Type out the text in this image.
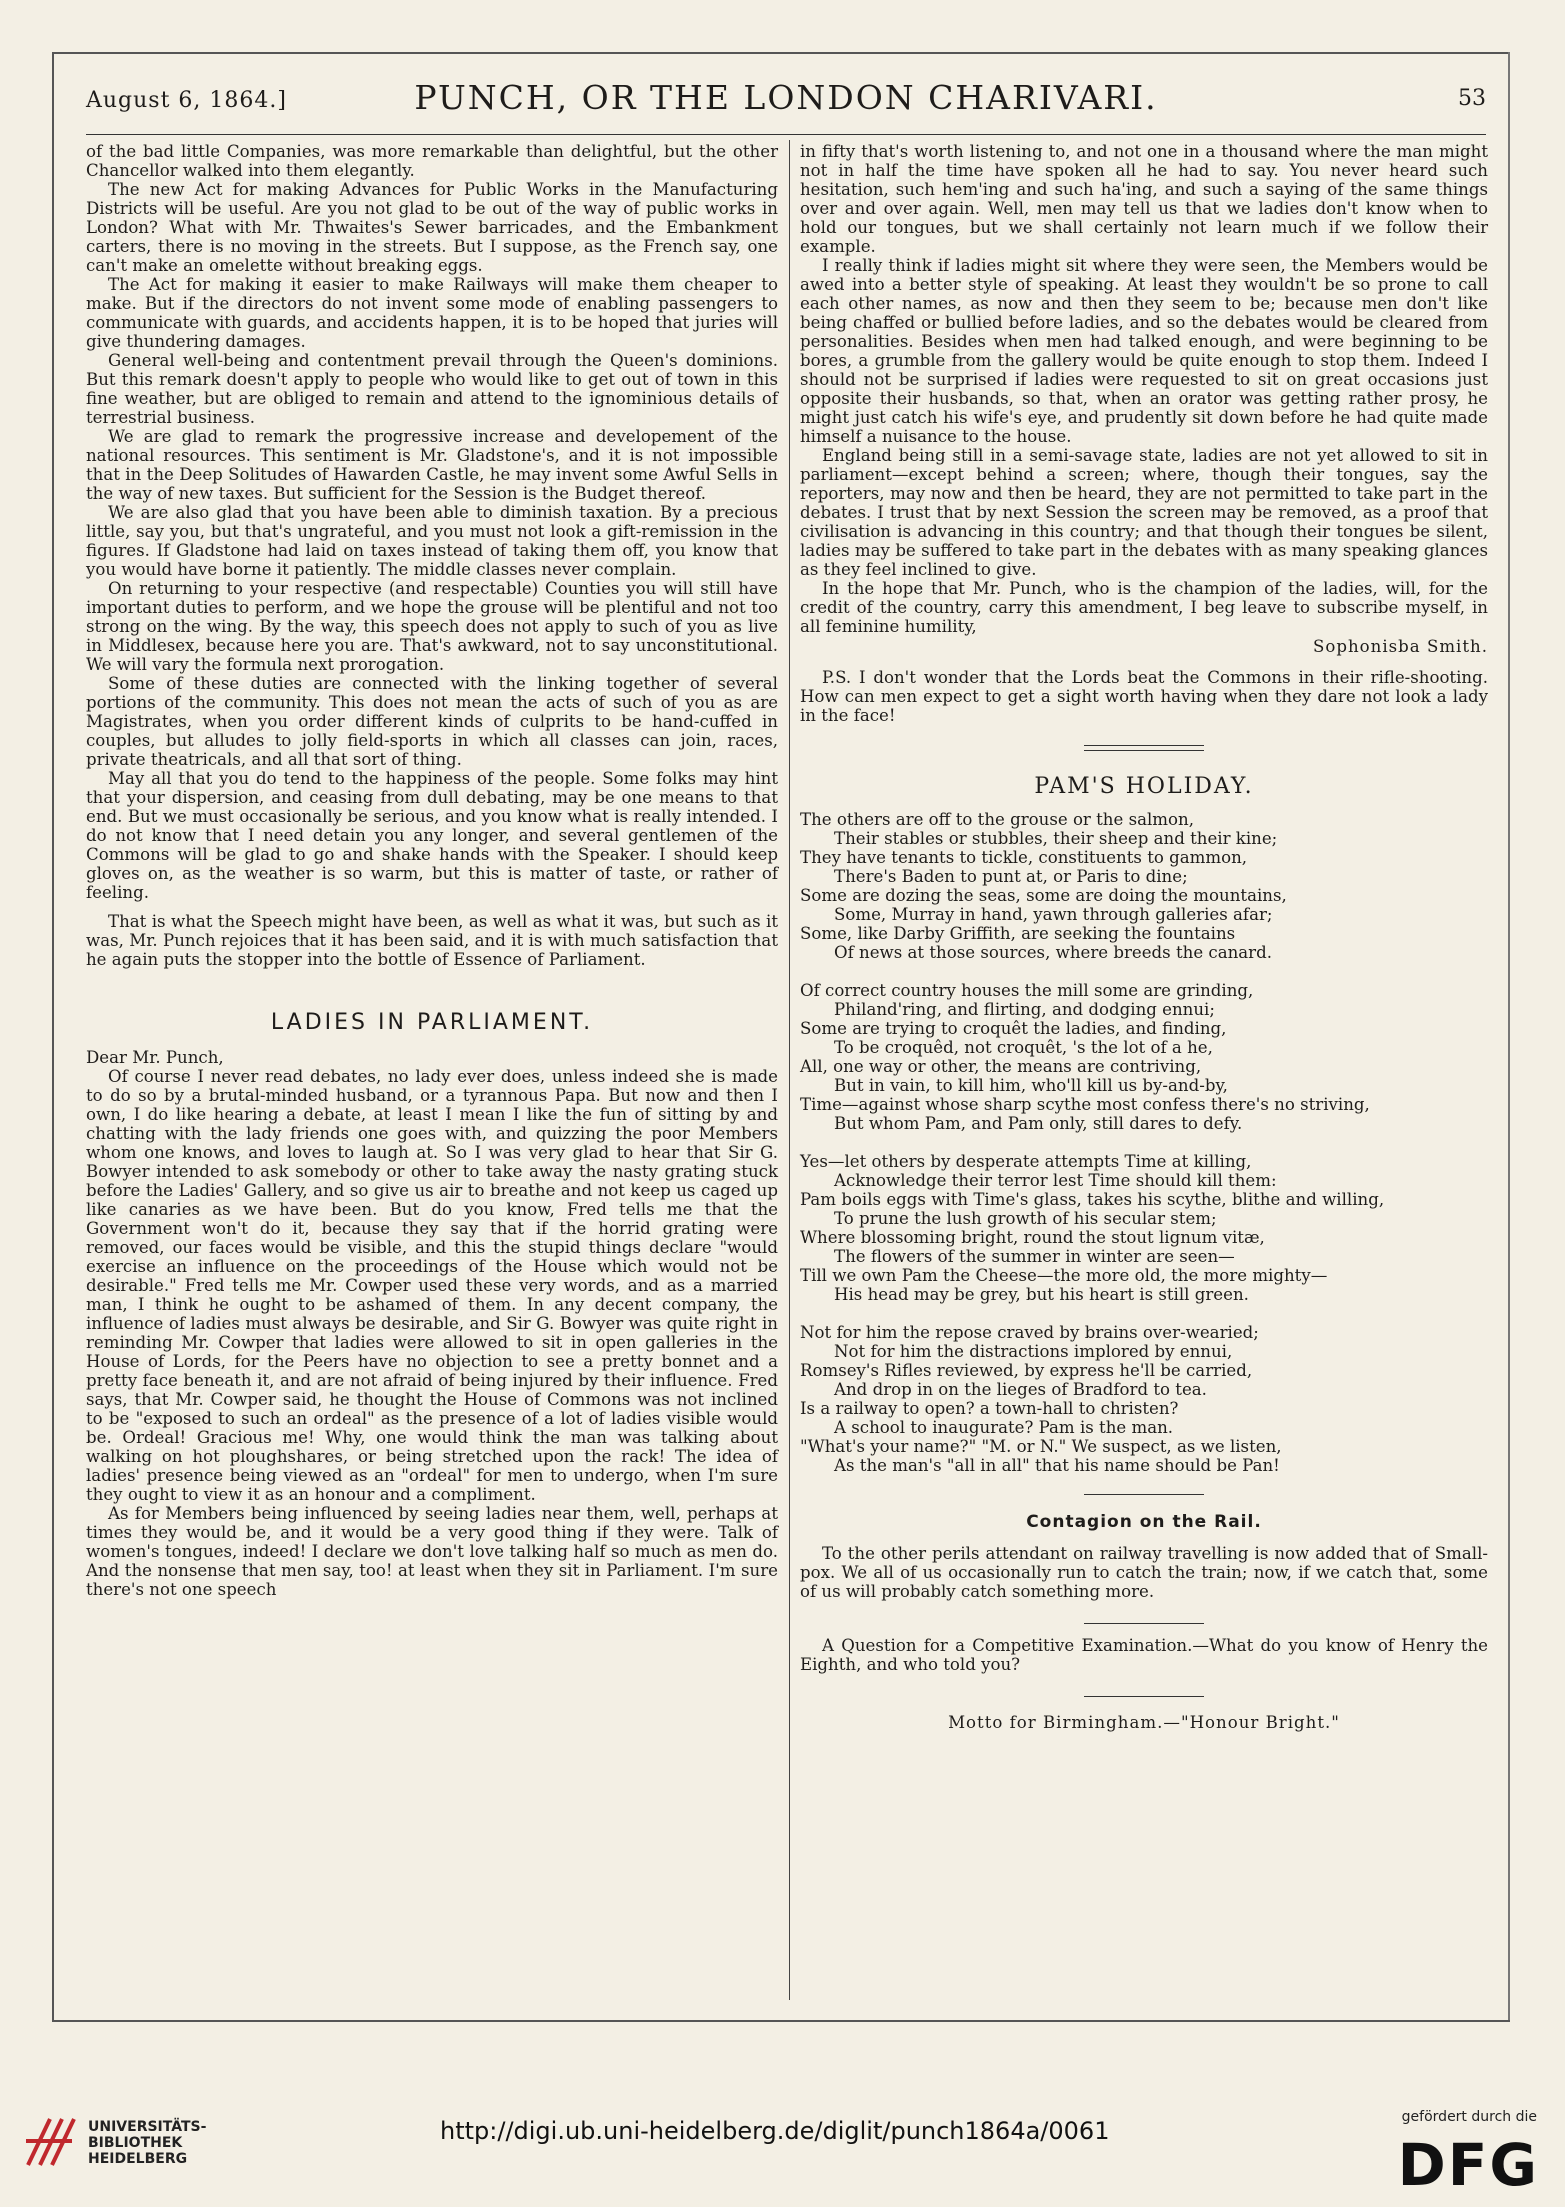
August 6, 1864.]	PUNCH, OR THE LONDON CHARIVARI.	53

of the bad little Companies, was more remarkable than delightful, but the other Chancellor walked into them elegantly.

The new Act for making Advances for Public Works in the Manufacturing Districts will be useful. Are you not glad to be out of the way of public works in London? What with Mr. Thwaites's Sewer barricades, and the Embankment carters, there is no moving in the streets. But I suppose, as the French say, one can't make an omelette without breaking eggs.

The Act for making it easier to make Railways will make them cheaper to make. But if the directors do not invent some mode of enabling passengers to communicate with guards, and accidents happen, it is to be hoped that juries will give thundering damages.

General well-being and contentment prevail through the Queen's dominions. But this remark doesn't apply to people who would like to get out of town in this fine weather, but are obliged to remain and attend to the ignominious details of terrestrial business.

We are glad to remark the progressive increase and developement of the national resources. This sentiment is Mr. Gladstone's, and it is not impossible that in the Deep Solitudes of Hawarden Castle, he may invent some Awful Sells in the way of new taxes. But sufficient for the Session is the Budget thereof.

We are also glad that you have been able to diminish taxation. By a precious little, say you, but that's ungrateful, and you must not look a gift-remission in the figures. If Gladstone had laid on taxes instead of taking them off, you know that you would have borne it patiently. The middle classes never complain.

On returning to your respective (and respectable) Counties you will still have important duties to perform, and we hope the grouse will be plentiful and not too strong on the wing. By the way, this speech does not apply to such of you as live in Middlesex, because here you are. That's awkward, not to say unconstitutional. We will vary the formula next prorogation.

Some of these duties are connected with the linking together of several portions of the community. This does not mean the acts of such of you as are Magistrates, when you order different kinds of culprits to be hand-cuffed in couples, but alludes to jolly field-sports in which all classes can join, races, private theatricals, and all that sort of thing.

May all that you do tend to the happiness of the people. Some folks may hint that your dispersion, and ceasing from dull debating, may be one means to that end. But we must occasionally be serious, and you know what is really intended. I do not know that I need detain you any longer, and several gentlemen of the Commons will be glad to go and shake hands with the Speaker. I should keep gloves on, as the weather is so warm, but this is matter of taste, or rather of feeling.

That is what the Speech might have been, as well as what it was, but such as it was, Mr. Punch rejoices that it has been said, and it is with much satisfaction that he again puts the stopper into the bottle of Essence of Parliament.

LADIES IN PARLIAMENT.

Dear Mr. Punch,

Of course I never read debates, no lady ever does, unless indeed she is made to do so by a brutal-minded husband, or a tyrannous Papa. But now and then I own, I do like hearing a debate, at least I mean I like the fun of sitting by and chatting with the lady friends one goes with, and quizzing the poor Members whom one knows, and loves to laugh at. So I was very glad to hear that Sir G. Bowyer intended to ask somebody or other to take away the nasty grating stuck before the Ladies' Gallery, and so give us air to breathe and not keep us caged up like canaries as we have been. But do you know, Fred tells me that the Government won't do it, because they say that if the horrid grating were removed, our faces would be visible, and this the stupid things declare "would exercise an influence on the proceedings of the House which would not be desirable." Fred tells me Mr. Cowper used these very words, and as a married man, I think he ought to be ashamed of them. In any decent company, the influence of ladies must always be desirable, and Sir G. Bowyer was quite right in reminding Mr. Cowper that ladies were allowed to sit in open galleries in the House of Lords, for the Peers have no objection to see a pretty bonnet and a pretty face beneath it, and are not afraid of being injured by their influence. Fred says, that Mr. Cowper said, he thought the House of Commons was not inclined to be "exposed to such an ordeal" as the presence of a lot of ladies visible would be. Ordeal! Gracious me! Why, one would think the man was talking about walking on hot ploughshares, or being stretched upon the rack! The idea of ladies' presence being viewed as an "ordeal" for men to undergo, when I'm sure they ought to view it as an honour and a compliment.

As for Members being influenced by seeing ladies near them, well, perhaps at times they would be, and it would be a very good thing if they were. Talk of women's tongues, indeed! I declare we don't love talking half so much as men do. And the nonsense that men say, too! at least when they sit in Parliament. I'm sure there's not one speech

in fifty that's worth listening to, and not one in a thousand where the man might not in half the time have spoken all he had to say. You never heard such hesitation, such hem'ing and such ha'ing, and such a saying of the same things over and over again. Well, men may tell us that we ladies don't know when to hold our tongues, but we shall certainly not learn much if we follow their example.

I really think if ladies might sit where they were seen, the Members would be awed into a better style of speaking. At least they wouldn't be so prone to call each other names, as now and then they seem to be; because men don't like being chaffed or bullied before ladies, and so the debates would be cleared from personalities. Besides when men had talked enough, and were beginning to be bores, a grumble from the gallery would be quite enough to stop them. Indeed I should not be surprised if ladies were requested to sit on great occasions just opposite their husbands, so that, when an orator was getting rather prosy, he might just catch his wife's eye, and prudently sit down before he had quite made himself a nuisance to the house.

England being still in a semi-savage state, ladies are not yet allowed to sit in parliament—except behind a screen; where, though their tongues, say the reporters, may now and then be heard, they are not permitted to take part in the debates. I trust that by next Session the screen may be removed, as a proof that civilisation is advancing in this country; and that though their tongues be silent, ladies may be suffered to take part in the debates with as many speaking glances as they feel inclined to give.

In the hope that Mr. Punch, who is the champion of the ladies, will, for the credit of the country, carry this amendment, I beg leave to subscribe myself, in all feminine humility,

Sophonisba Smith.

P.S. I don't wonder that the Lords beat the Commons in their rifle-shooting. How can men expect to get a sight worth having when they dare not look a lady in the face!

PAM'S HOLIDAY.
The others are off to the grouse or the salmon,
Their stables or stubbles, their sheep and their kine;
They have tenants to tickle, constituents to gammon,
There's Baden to punt at, or Paris to dine;
Some are dozing the seas, some are doing the mountains,
Some, Murray in hand, yawn through galleries afar;
Some, like Darby Griffith, are seeking the fountains
Of news at those sources, where breeds the canard.
Of correct country houses the mill some are grinding,
Philand'ring, and flirting, and dodging ennui;
Some are trying to croquêt the ladies, and finding,
To be croquêd, not croquêt, 's the lot of a he,
All, one way or other, the means are contriving,
But in vain, to kill him, who'll kill us by-and-by,
Time—against whose sharp scythe most confess there's no striving,
But whom Pam, and Pam only, still dares to defy.
Yes—let others by desperate attempts Time at killing,
Acknowledge their terror lest Time should kill them:
Pam boils eggs with Time's glass, takes his scythe, blithe and willing,
To prune the lush growth of his secular stem;
Where blossoming bright, round the stout lignum vitæ,
The flowers of the summer in winter are seen—
Till we own Pam the Cheese—the more old, the more mighty—
His head may be grey, but his heart is still green.
Not for him the repose craved by brains over-wearied;
Not for him the distractions implored by ennui,
Romsey's Rifles reviewed, by express he'll be carried,
And drop in on the lieges of Bradford to tea.
Is a railway to open? a town-hall to christen?
A school to inaugurate? Pam is the man.
"What's your name?" "M. or N." We suspect, as we listen,
As the man's "all in all" that his name should be Pan!
Contagion on the Rail.

To the other perils attendant on railway travelling is now added that of Small-pox. We all of us occasionally run to catch the train; now, if we catch that, some of us will probably catch something more.

A Question for a Competitive Examination.—What do you know of Henry the Eighth, and who told you?

Motto for Birmingham.—"Honour Bright."
UNIVERSITÄTS-
BIBLIOTHEK
HEIDELBERG
http://digi.ub.uni-heidelberg.de/diglit/punch1864a/0061	gefördert durch die
DFG
